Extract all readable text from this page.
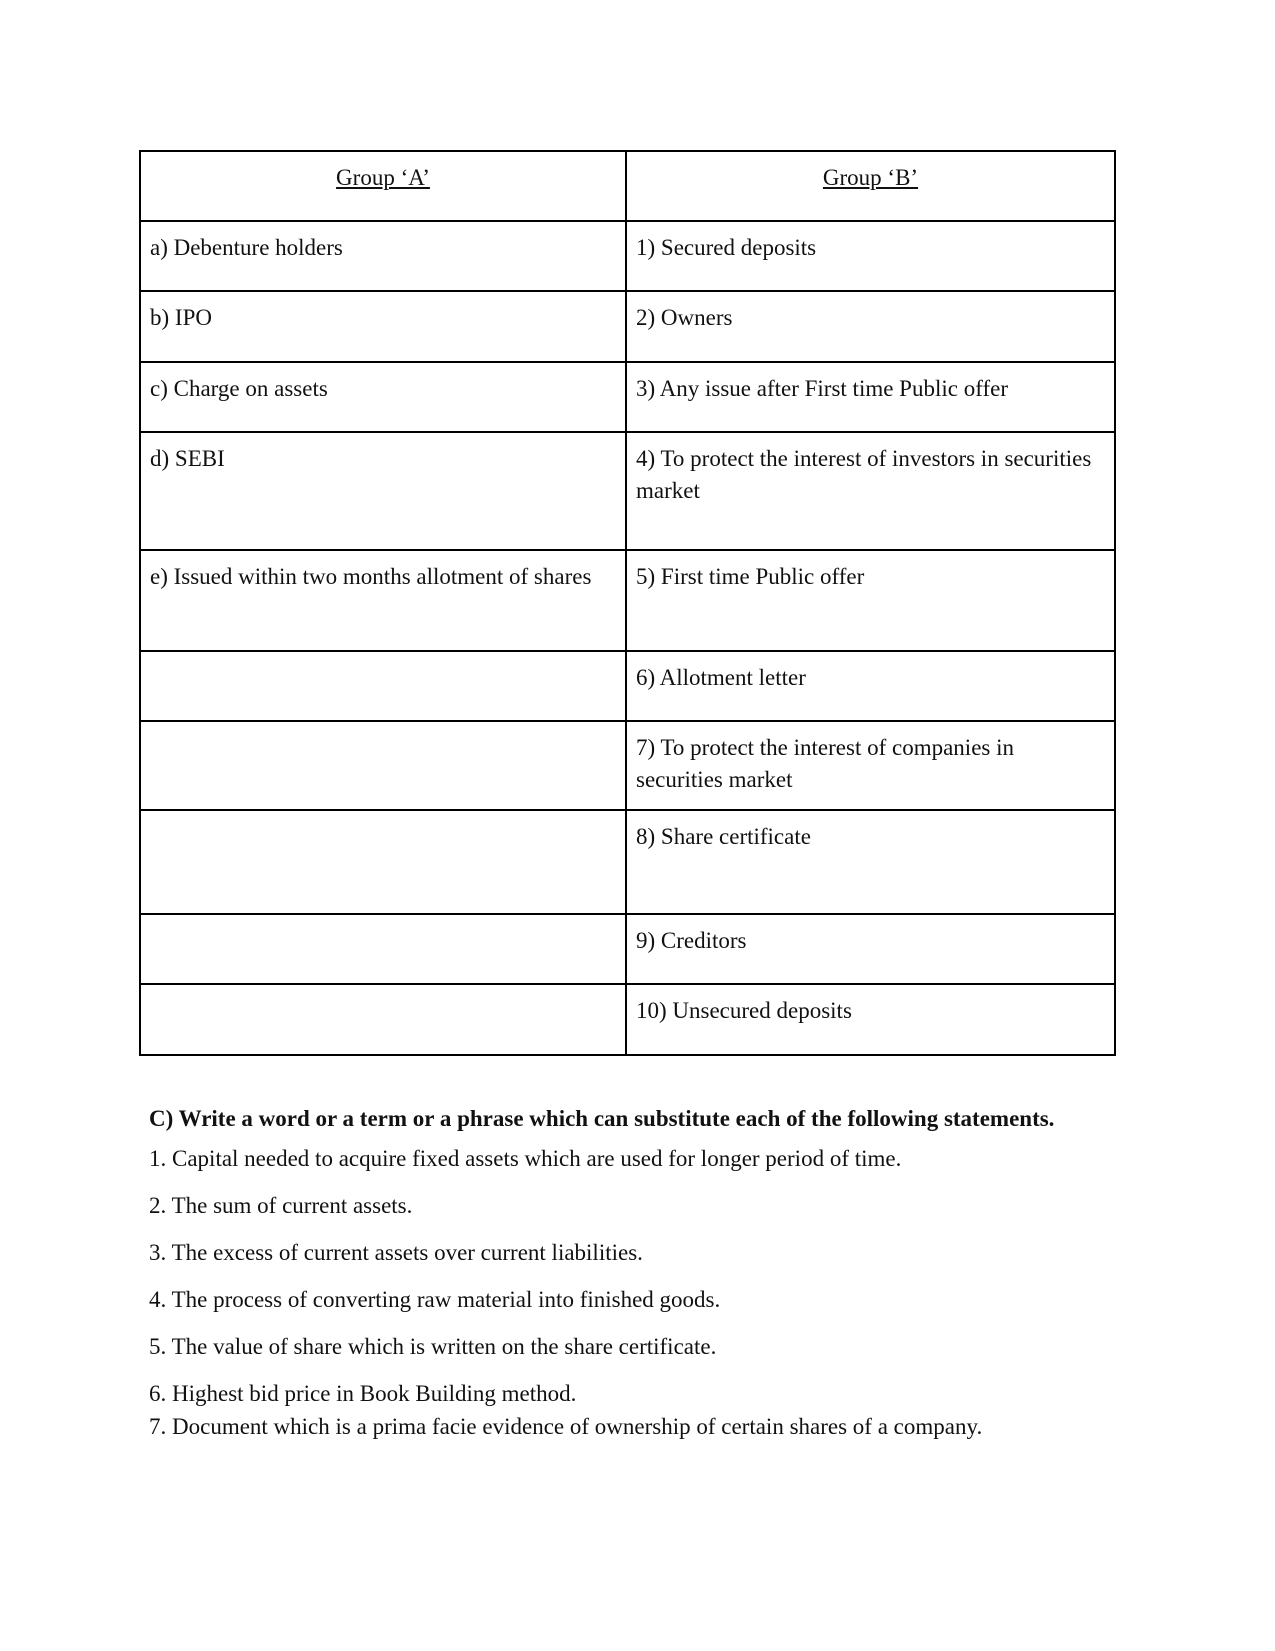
Group ‘A’	Group ‘B’
a) Debenture holders	1) Secured deposits
b) IPO	2) Owners
c) Charge on assets	3) Any issue after First time Public offer
d) SEBI	4) To protect the interest of investors in securities market
e) Issued within two months allotment of shares	5) First time Public offer
	6) Allotment letter
	7) To protect the interest of companies in securities market
	8) Share certificate
	9) Creditors
	10) Unsecured deposits

C) Write a word or a term or a phrase which can substitute each of the following statements.

1. Capital needed to acquire fixed assets which are used for longer period of time.

2. The sum of current assets.

3. The excess of current assets over current liabilities.

4. The process of converting raw material into finished goods.

5. The value of share which is written on the share certificate.

6. Highest bid price in Book Building method.

7. Document which is a prima facie evidence of ownership of certain shares of a company.
